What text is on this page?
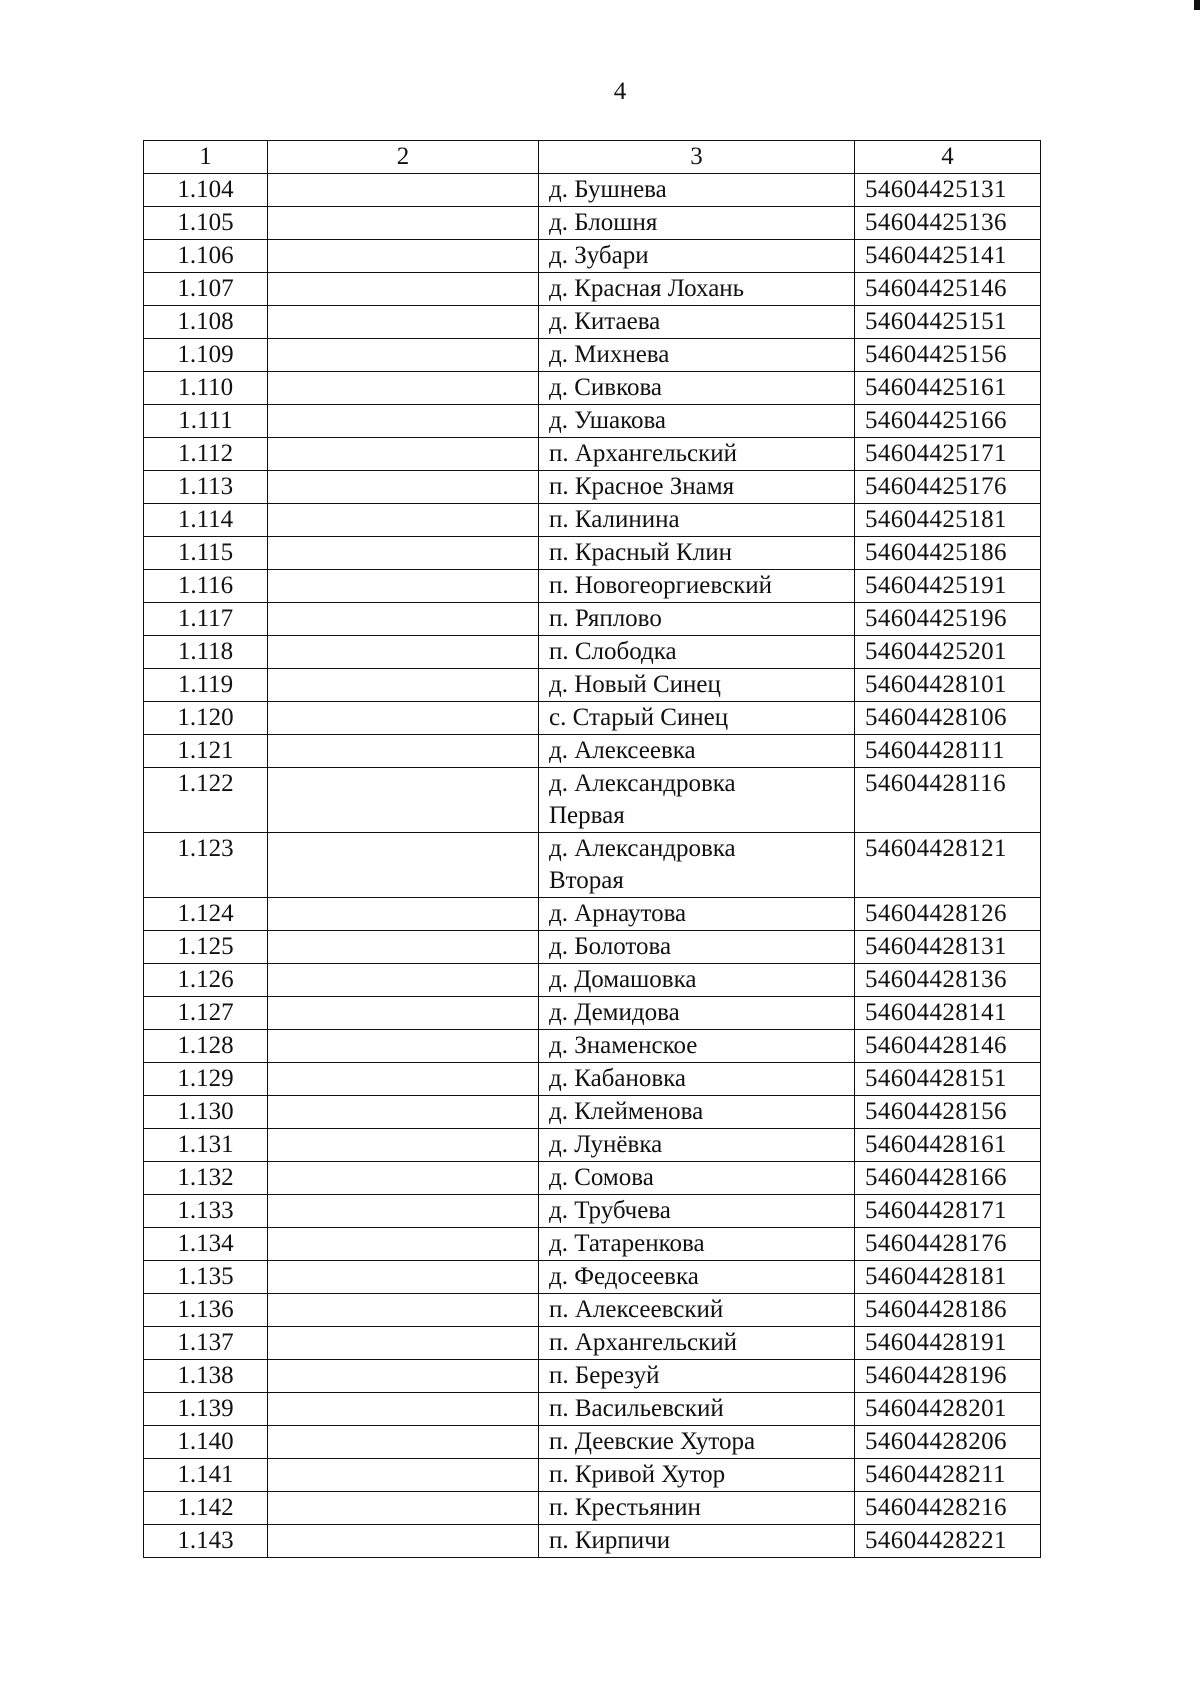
4
1	2	3	4
1.104		д. Бушнева	54604425131
1.105		д. Блошня	54604425136
1.106		д. Зубари	54604425141
1.107		д. Красная Лохань	54604425146
1.108		д. Китаева	54604425151
1.109		д. Михнева	54604425156
1.110		д. Сивкова	54604425161
1.111		д. Ушакова	54604425166
1.112		п. Архангельский	54604425171
1.113		п. Красное Знамя	54604425176
1.114		п. Калинина	54604425181
1.115		п. Красный Клин	54604425186
1.116		п. Новогеоргиевский	54604425191
1.117		п. Ряплово	54604425196
1.118		п. Слободка	54604425201
1.119		д. Новый Синец	54604428101
1.120		с. Старый Синец	54604428106
1.121		д. Алексеевка	54604428111
1.122		д. Александровка
Первая	54604428116
1.123		д. Александровка
Вторая	54604428121
1.124		д. Арнаутова	54604428126
1.125		д. Болотова	54604428131
1.126		д. Домашовка	54604428136
1.127		д. Демидова	54604428141
1.128		д. Знаменское	54604428146
1.129		д. Кабановка	54604428151
1.130		д. Клейменова	54604428156
1.131		д. Лунёвка	54604428161
1.132		д. Сомова	54604428166
1.133		д. Трубчева	54604428171
1.134		д. Татаренкова	54604428176
1.135		д. Федосеевка	54604428181
1.136		п. Алексеевский	54604428186
1.137		п. Архангельский	54604428191
1.138		п. Березуй	54604428196
1.139		п. Васильевский	54604428201
1.140		п. Деевские Хутора	54604428206
1.141		п. Кривой Хутор	54604428211
1.142		п. Крестьянин	54604428216
1.143		п. Кирпичи	54604428221
